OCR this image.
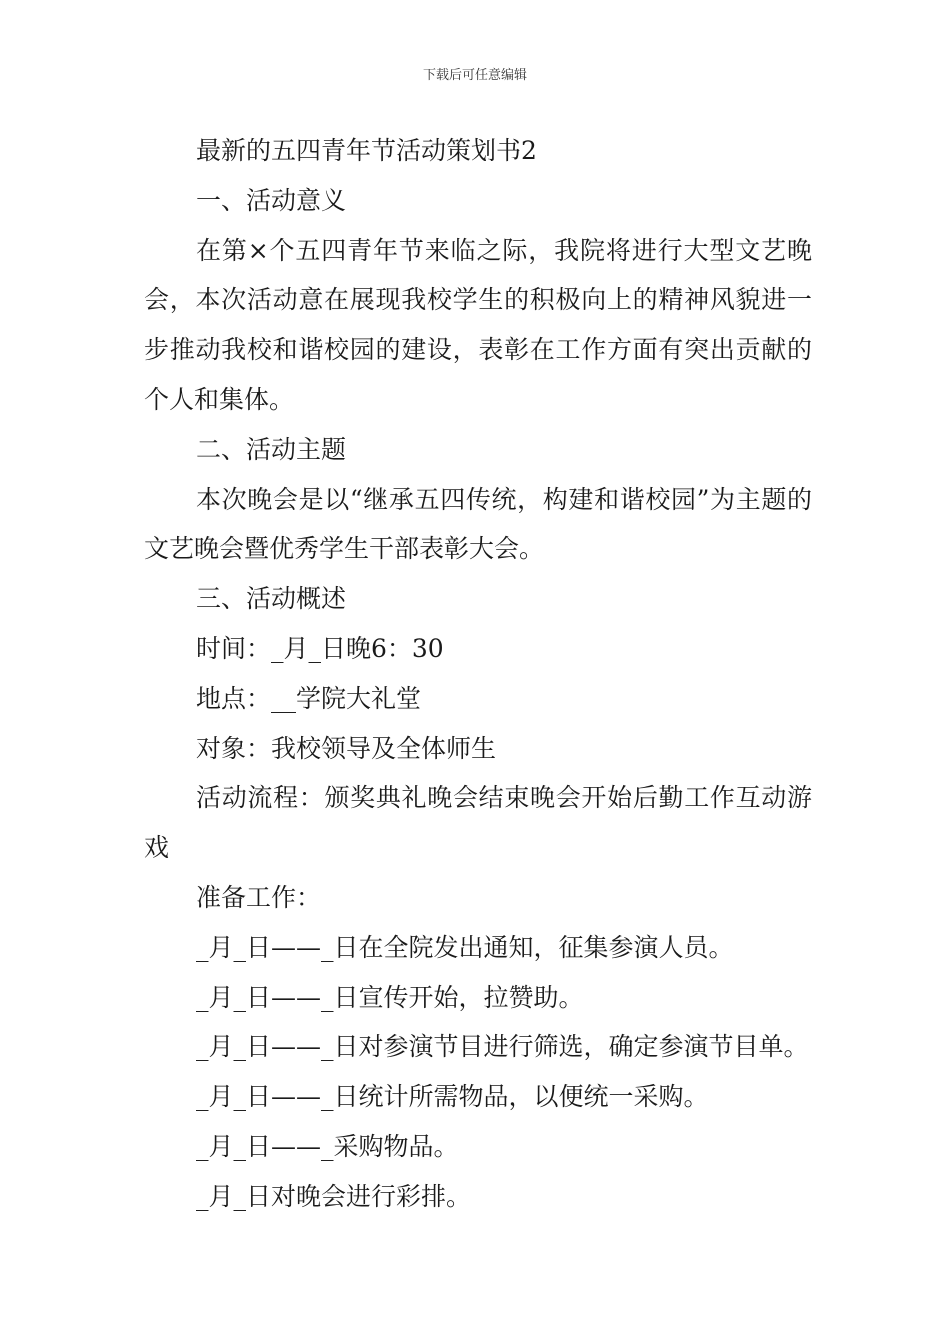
下载后可任意编辑

最新的五四青年节活动策划书2

一、活动意义

在第×个五四青年节来临之际，我院将进行大型文艺晚会，本次活动意在展现我校学生的积极向上的精神风貌进一步推动我校和谐校园的建设，表彰在工作方面有突出贡献的个人和集体。

二、活动主题

本次晚会是以“继承五四传统，构建和谐校园”为主题的文艺晚会暨优秀学生干部表彰大会。

三、活动概述

时间：_月_日晚6：30

地点：__学院大礼堂

对象：我校领导及全体师生

活动流程：颁奖典礼晚会结束晚会开始后勤工作互动游戏

准备工作：

_月_日——_日在全院发出通知，征集参演人员。

_月_日——_日宣传开始，拉赞助。

_月_日——_日对参演节目进行筛选，确定参演节目单。

_月_日——_日统计所需物品，以便统一采购。

_月_日——_采购物品。

_月_日对晚会进行彩排。
